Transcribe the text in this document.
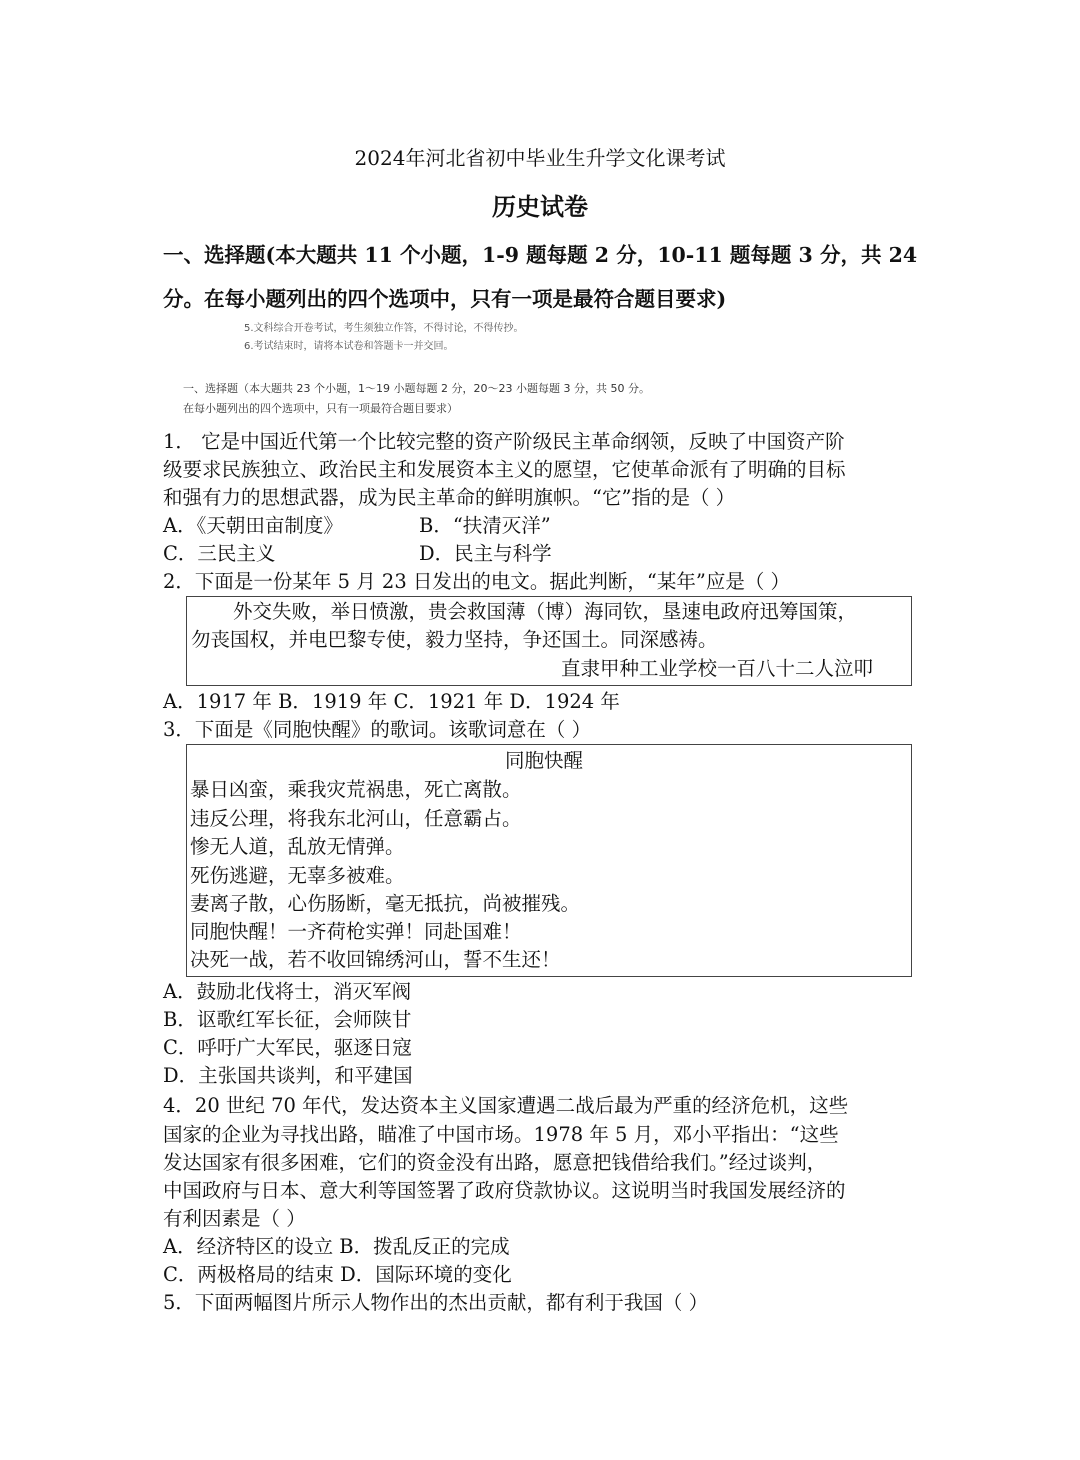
2024年河北省初中毕业生升学文化课考试
历史试卷
一、选择题(本大题共 11 个小题，1-9 题每题 2 分，10-11 题每题 3 分，共 24
分。在每小题列出的四个选项中，只有一项是最符合题目要求)
5.文科综合开卷考试，考生须独立作答，不得讨论，不得传抄。
6.考试结束时，请将本试卷和答题卡一并交回。
一、选择题（本大题共 23 个小题，1～19 小题每题 2 分，20～23 小题每题 3 分，共 50 分。
在每小题列出的四个选项中，只有一项最符合题目要求）
1． 它是中国近代第一个比较完整的资产阶级民主革命纲领，反映了中国资产阶
级要求民族独立、政治民主和发展资本主义的愿望，它使革命派有了明确的目标
和强有力的思想武器，成为民主革命的鲜明旗帜。“它”指的是（ ）
A．《天朝田亩制度》	B．“扶清灭洋”
C．三民主义	D．民主与科学
2．下面是一份某年 5 月 23 日发出的电文。据此判断，“某年”应是（ ）
外交失败，举日愤激，贵会救国薄（博）海同钦，垦速电政府迅筹国策，
勿丧国权，并电巴黎专使，毅力坚持，争还国土。同深感祷。
直隶甲种工业学校一百八十二人泣叩
A．1917 年 B．1919 年 C．1921 年 D．1924 年
3．下面是《同胞快醒》的歌词。该歌词意在（ ）
同胞快醒
暴日凶蛮，乘我灾荒祸患，死亡离散。
违反公理，将我东北河山，任意霸占。
惨无人道，乱放无情弹。
死伤逃避，无辜多被难。
妻离子散，心伤肠断，毫无抵抗，尚被摧残。
同胞快醒！一齐荷枪实弹！同赴国难！
决死一战，若不收回锦绣河山，誓不生还！
A．鼓励北伐将士，消灭军阀
B．讴歌红军长征，会师陕甘
C．呼吁广大军民，驱逐日寇
D．主张国共谈判，和平建国
4．20 世纪 70 年代，发达资本主义国家遭遇二战后最为严重的经济危机，这些
国家的企业为寻找出路，瞄准了中国市场。1978 年 5 月，邓小平指出：“这些
发达国家有很多困难，它们的资金没有出路，愿意把钱借给我们。”经过谈判，
中国政府与日本、意大利等国签署了政府贷款协议。这说明当时我国发展经济的
有利因素是（ ）
A．经济特区的设立 B．拨乱反正的完成
C．两极格局的结束 D．国际环境的变化
5．下面两幅图片所示人物作出的杰出贡献，都有利于我国（ ）
